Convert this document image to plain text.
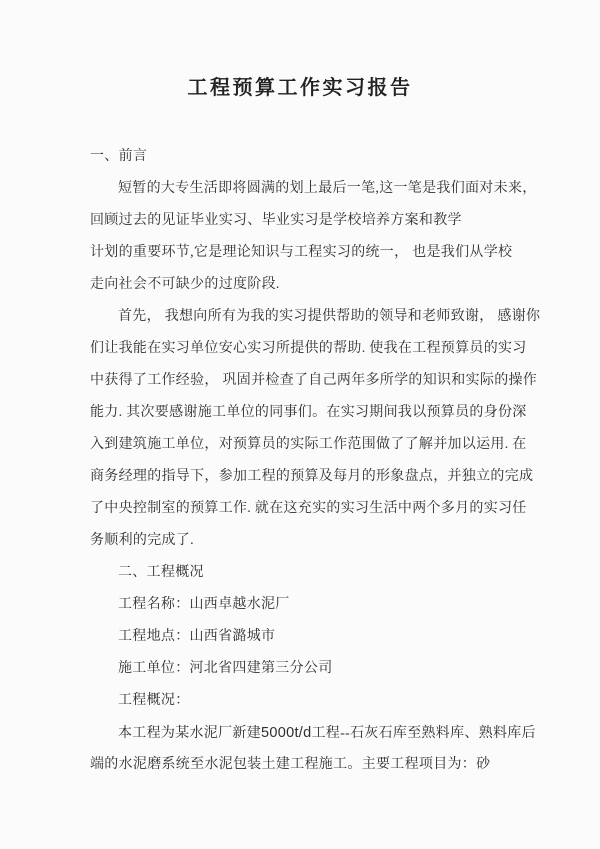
工程预算工作实习报告
一、前言
短暂的大专生活即将圆满的划上最后一笔,这一笔是我们面对未来，
回顾过去的见证毕业实习、毕业实习是学校培养方案和教学
计划的重要环节,它是理论知识与工程实习的统一， 也是我们从学校
走向社会不可缺少的过度阶段.
首先， 我想向所有为我的实习提供帮助的领导和老师致谢， 感谢你
们让我能在实习单位安心实习所提供的帮助. 使我在工程预算员的实习
中获得了工作经验， 巩固并检查了自己两年多所学的知识和实际的操作
能力. 其次要感谢施工单位的同事们。在实习期间我以预算员的身份深
入到建筑施工单位，对预算员的实际工作范围做了了解并加以运用. 在
商务经理的指导下，参加工程的预算及每月的形象盘点，并独立的完成
了中央控制室的预算工作. 就在这充实的实习生活中两个多月的实习任
务顺利的完成了.
二、工程概况
工程名称：山西卓越水泥厂
工程地点：山西省潞城市
施工单位：河北省四建第三分公司
工程概况：
本工程为某水泥厂新建5000t/d工程--石灰石库至熟料库、熟料库后
端的水泥磨系统至水泥包装土建工程施工。主要工程项目为：砂
